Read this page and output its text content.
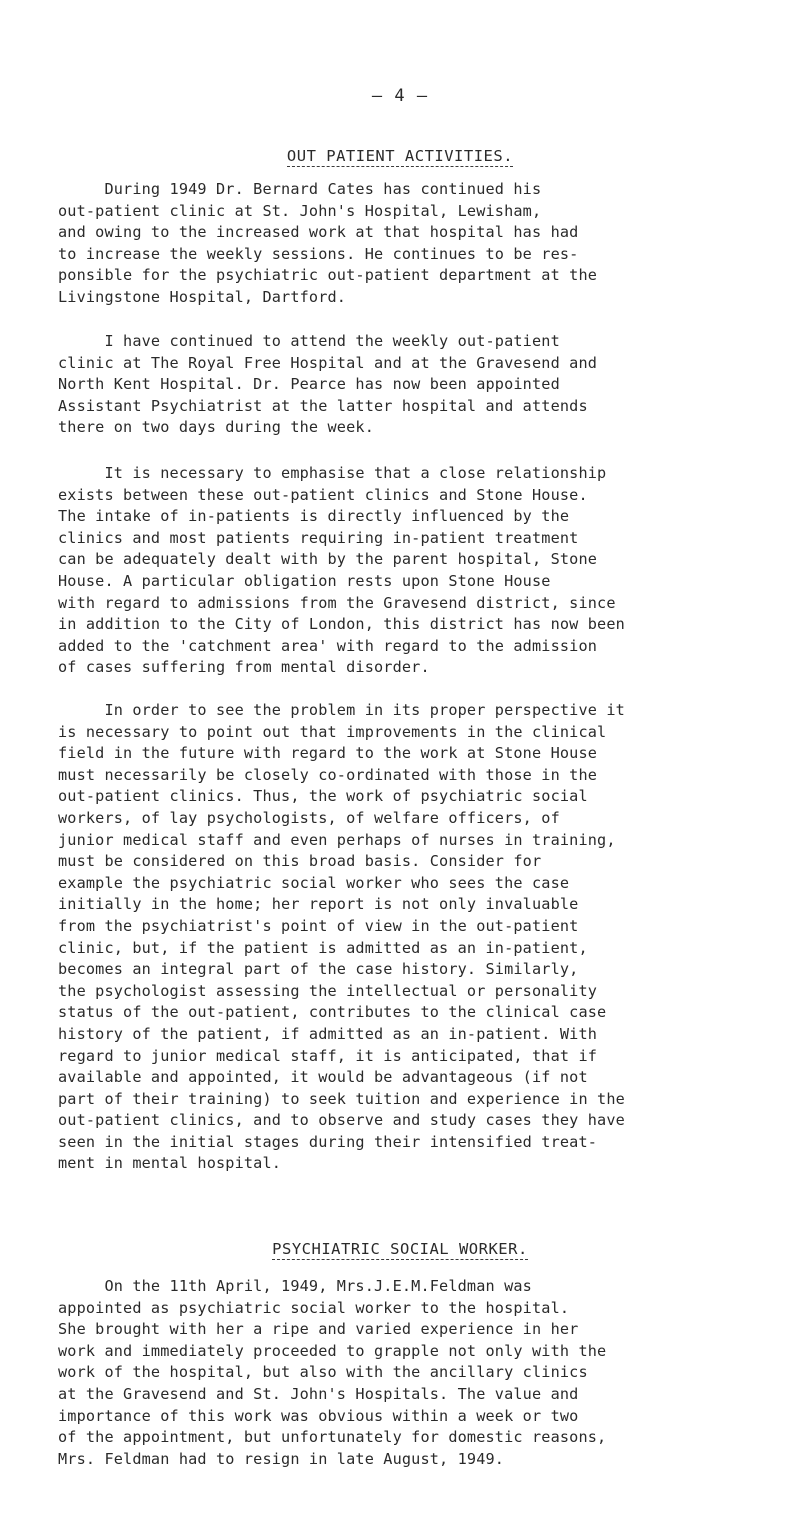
– 4 –
OUT PATIENT ACTIVITIES.
During 1949 Dr. Bernard Cates has continued his
out-patient clinic at St. John's Hospital, Lewisham,
and owing to the increased work at that hospital has had
to increase the weekly sessions. He continues to be res-
ponsible for the psychiatric out-patient department at the
Livingstone Hospital, Dartford.
I have continued to attend the weekly out-patient
clinic at The Royal Free Hospital and at the Gravesend and
North Kent Hospital. Dr. Pearce has now been appointed
Assistant Psychiatrist at the latter hospital and attends
there on two days during the week.
It is necessary to emphasise that a close relationship
exists between these out-patient clinics and Stone House.
The intake of in-patients is directly influenced by the
clinics and most patients requiring in-patient treatment
can be adequately dealt with by the parent hospital, Stone
House. A particular obligation rests upon Stone House
with regard to admissions from the Gravesend district, since
in addition to the City of London, this district has now been
added to the 'catchment area' with regard to the admission
of cases suffering from mental disorder.
In order to see the problem in its proper perspective it
is necessary to point out that improvements in the clinical
field in the future with regard to the work at Stone House
must necessarily be closely co-ordinated with those in the
out-patient clinics. Thus, the work of psychiatric social
workers, of lay psychologists, of welfare officers, of
junior medical staff and even perhaps of nurses in training,
must be considered on this broad basis. Consider for
example the psychiatric social worker who sees the case
initially in the home; her report is not only invaluable
from the psychiatrist's point of view in the out-patient
clinic, but, if the patient is admitted as an in-patient,
becomes an integral part of the case history. Similarly,
the psychologist assessing the intellectual or personality
status of the out-patient, contributes to the clinical case
history of the patient, if admitted as an in-patient. With
regard to junior medical staff, it is anticipated, that if
available and appointed, it would be advantageous (if not
part of their training) to seek tuition and experience in the
out-patient clinics, and to observe and study cases they have
seen in the initial stages during their intensified treat-
ment in mental hospital.
PSYCHIATRIC SOCIAL WORKER.
On the 11th April, 1949, Mrs.J.E.M.Feldman was
appointed as psychiatric social worker to the hospital.
She brought with her a ripe and varied experience in her
work and immediately proceeded to grapple not only with the
work of the hospital, but also with the ancillary clinics
at the Gravesend and St. John's Hospitals. The value and
importance of this work was obvious within a week or two
of the appointment, but unfortunately for domestic reasons,
Mrs. Feldman had to resign in late August, 1949.
